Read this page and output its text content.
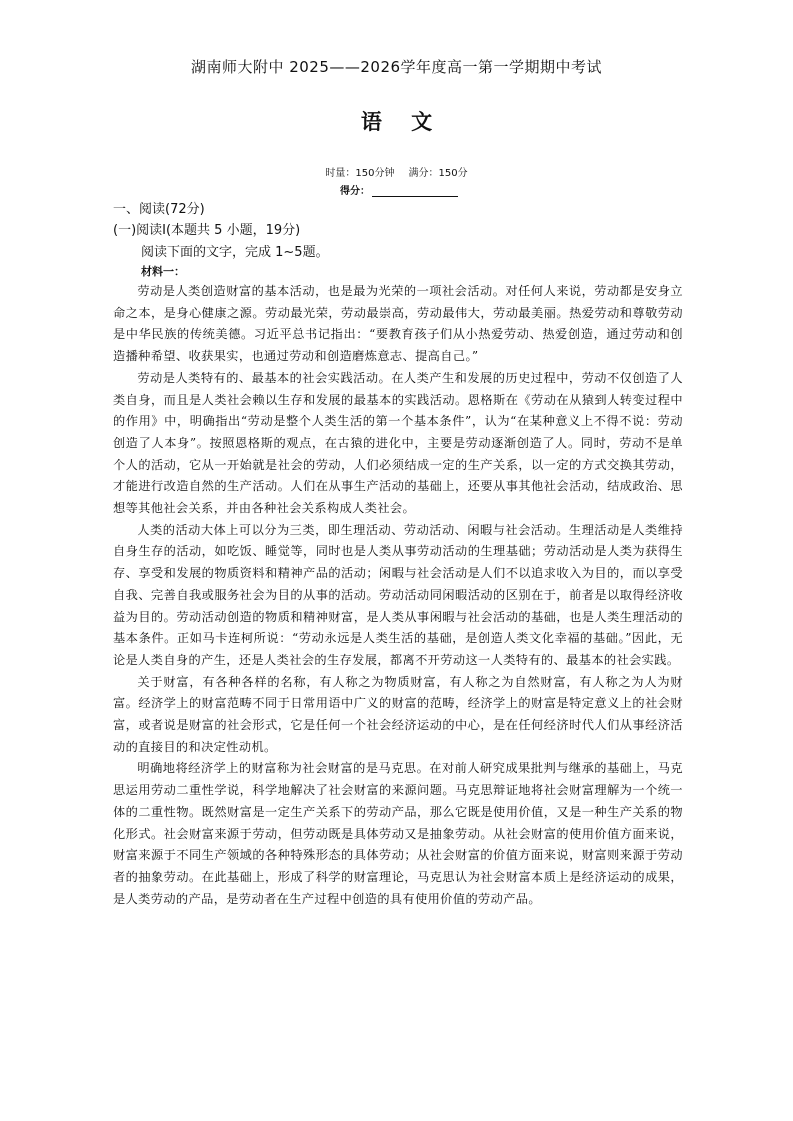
湖南师大附中 2025——2026学年度高一第一学期期中考试
语 文
时量：150分钟 满分：150分
得分：
一、阅读(72分)
(一)阅读Ⅰ(本题共 5 小题，19分)
阅读下面的文字，完成 1~5题。
材料一：

劳动是人类创造财富的基本活动，也是最为光荣的一项社会活动。对任何人来说，劳动都是安身立命之本，是身心健康之源。劳动最光荣，劳动最崇高，劳动最伟大，劳动最美丽。热爱劳动和尊敬劳动是中华民族的传统美德。习近平总书记指出：“要教育孩子们从小热爱劳动、热爱创造，通过劳动和创造播种希望、收获果实，也通过劳动和创造磨炼意志、提高自己。”

劳动是人类特有的、最基本的社会实践活动。在人类产生和发展的历史过程中，劳动不仅创造了人类自身，而且是人类社会赖以生存和发展的最基本的实践活动。恩格斯在《劳动在从猿到人转变过程中的作用》中，明确指出“劳动是整个人类生活的第一个基本条件”，认为“在某种意义上不得不说：劳动创造了人本身”。按照恩格斯的观点，在古猿的进化中，主要是劳动逐渐创造了人。同时，劳动不是单个人的活动，它从一开始就是社会的劳动，人们必须结成一定的生产关系，以一定的方式交换其劳动，才能进行改造自然的生产活动。人们在从事生产活动的基础上，还要从事其他社会活动，结成政治、思想等其他社会关系，并由各种社会关系构成人类社会。

人类的活动大体上可以分为三类，即生理活动、劳动活动、闲暇与社会活动。生理活动是人类维持自身生存的活动，如吃饭、睡觉等，同时也是人类从事劳动活动的生理基础；劳动活动是人类为获得生存、享受和发展的物质资料和精神产品的活动；闲暇与社会活动是人们不以追求收入为目的，而以享受自我、完善自我或服务社会为目的从事的活动。劳动活动同闲暇活动的区别在于，前者是以取得经济收益为目的。劳动活动创造的物质和精神财富，是人类从事闲暇与社会活动的基础，也是人类生理活动的基本条件。正如马卡连柯所说：“劳动永远是人类生活的基础，是创造人类文化幸福的基础。”因此，无论是人类自身的产生，还是人类社会的生存发展，都离不开劳动这一人类特有的、最基本的社会实践。

关于财富，有各种各样的名称，有人称之为物质财富，有人称之为自然财富，有人称之为人为财富。经济学上的财富范畴不同于日常用语中广义的财富的范畴，经济学上的财富是特定意义上的社会财富，或者说是财富的社会形式，它是任何一个社会经济运动的中心，是在任何经济时代人们从事经济活动的直接目的和决定性动机。

明确地将经济学上的财富称为社会财富的是马克思。在对前人研究成果批判与继承的基础上，马克思运用劳动二重性学说，科学地解决了社会财富的来源问题。马克思辩证地将社会财富理解为一个统一体的二重性物。既然财富是一定生产关系下的劳动产品，那么它既是使用价值，又是一种生产关系的物化形式。社会财富来源于劳动，但劳动既是具体劳动又是抽象劳动。从社会财富的使用价值方面来说，财富来源于不同生产领域的各种特殊形态的具体劳动；从社会财富的价值方面来说，财富则来源于劳动者的抽象劳动。在此基础上，形成了科学的财富理论，马克思认为社会财富本质上是经济运动的成果，是人类劳动的产品，是劳动者在生产过程中创造的具有使用价值的劳动产品。
